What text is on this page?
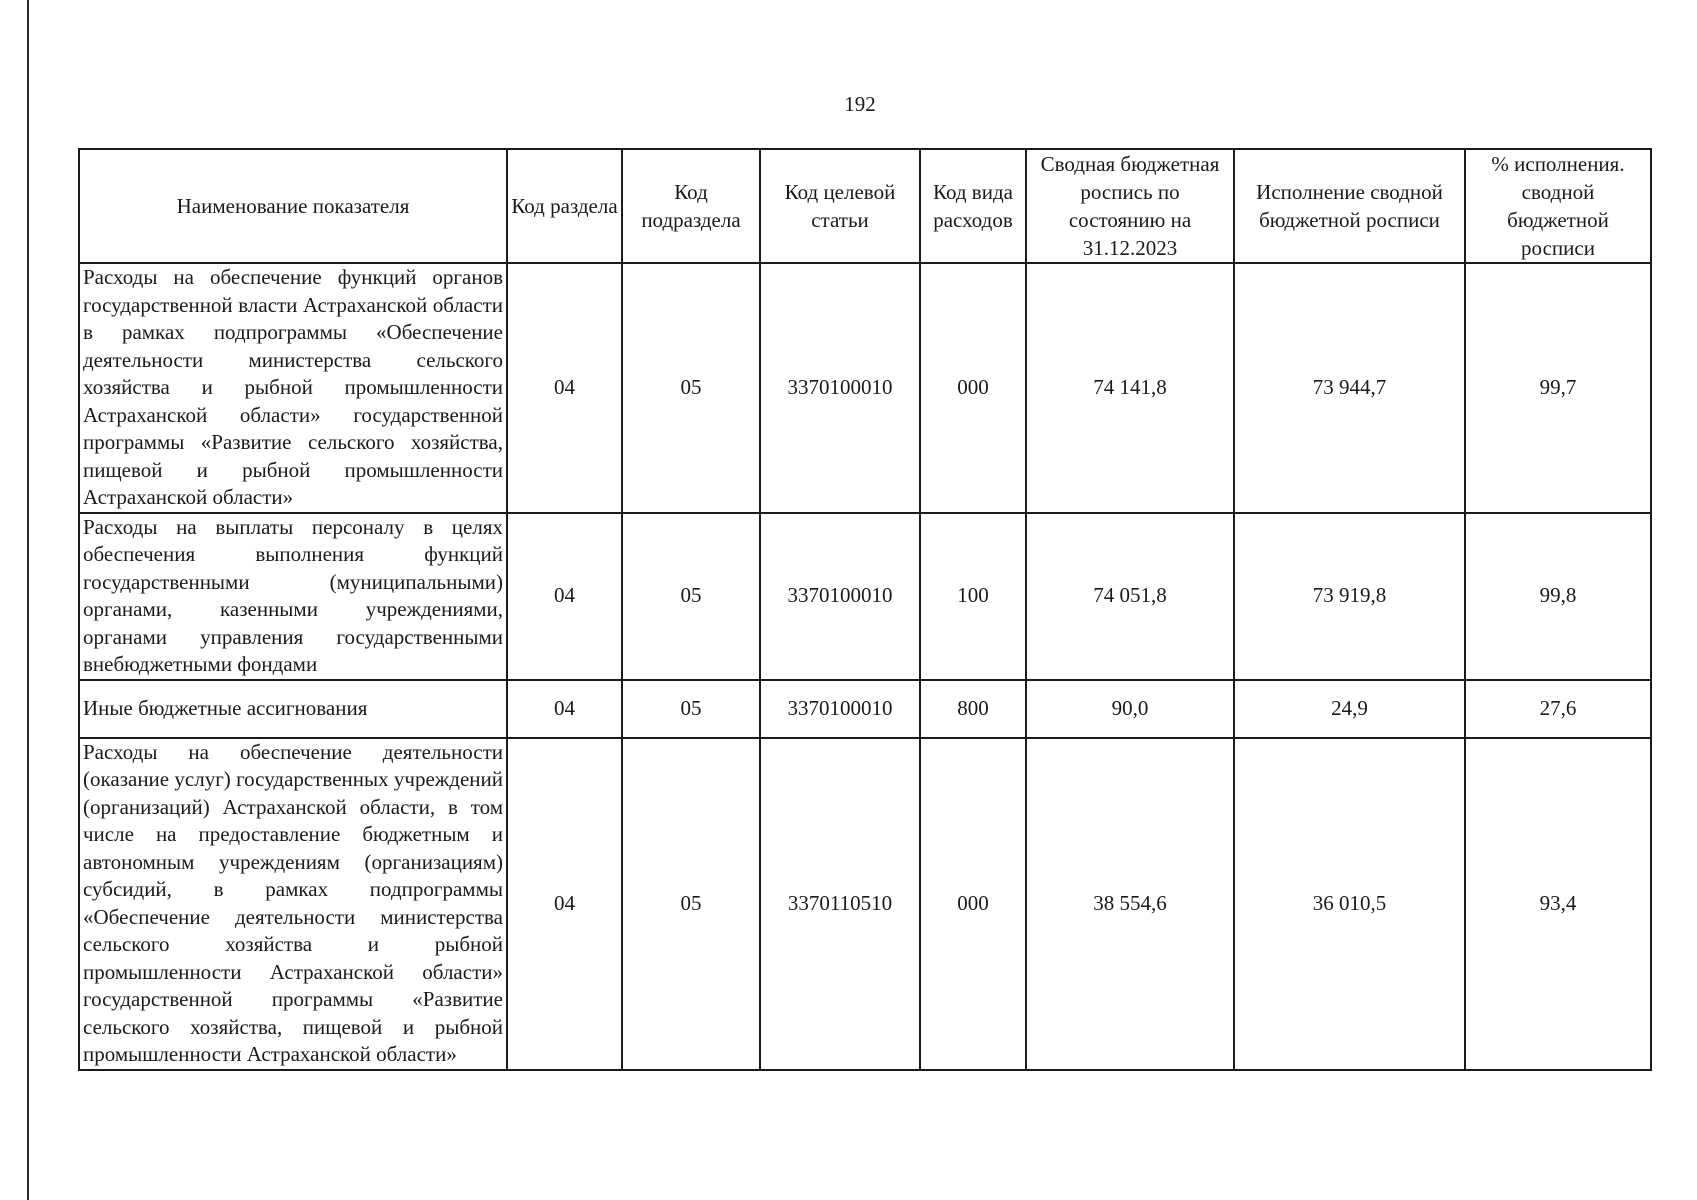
192
Наименование показателя	Код раздела	Код подраздела	Код целевой статьи	Код вида расходов	Сводная бюджетная роспись по состоянию на 31.12.2023	Исполнение сводной бюджетной росписи	% исполнения. сводной бюджетной росписи
Расходы на обеспечение функций органов государственной власти Астраханской области в рамках подпрограммы «Обеспечение деятельности министерства сельского хозяйства и рыбной промышленности Астраханской области» государственной программы «Развитие сельского хозяйства, пищевой и рыбной промышленности Астраханской области»	04	05	3370100010	000	74 141,8	73 944,7	99,7
Расходы на выплаты персоналу в целях обеспечения выполнения функций государственными (муниципальными) органами, казенными учреждениями, органами управления государственными внебюджетными фондами	04	05	3370100010	100	74 051,8	73 919,8	99,8
Иные бюджетные ассигнования	04	05	3370100010	800	90,0	24,9	27,6
Расходы на обеспечение деятельности (оказание услуг) государственных учреждений (организаций) Астраханской области, в том числе на предоставление бюджетным и автономным учреждениям (организациям) субсидий, в рамках подпрограммы «Обеспечение деятельности министерства сельского хозяйства и рыбной промышленности Астраханской области» государственной программы «Развитие сельского хозяйства, пищевой и рыбной промышленности Астраханской области»	04	05	3370110510	000	38 554,6	36 010,5	93,4
